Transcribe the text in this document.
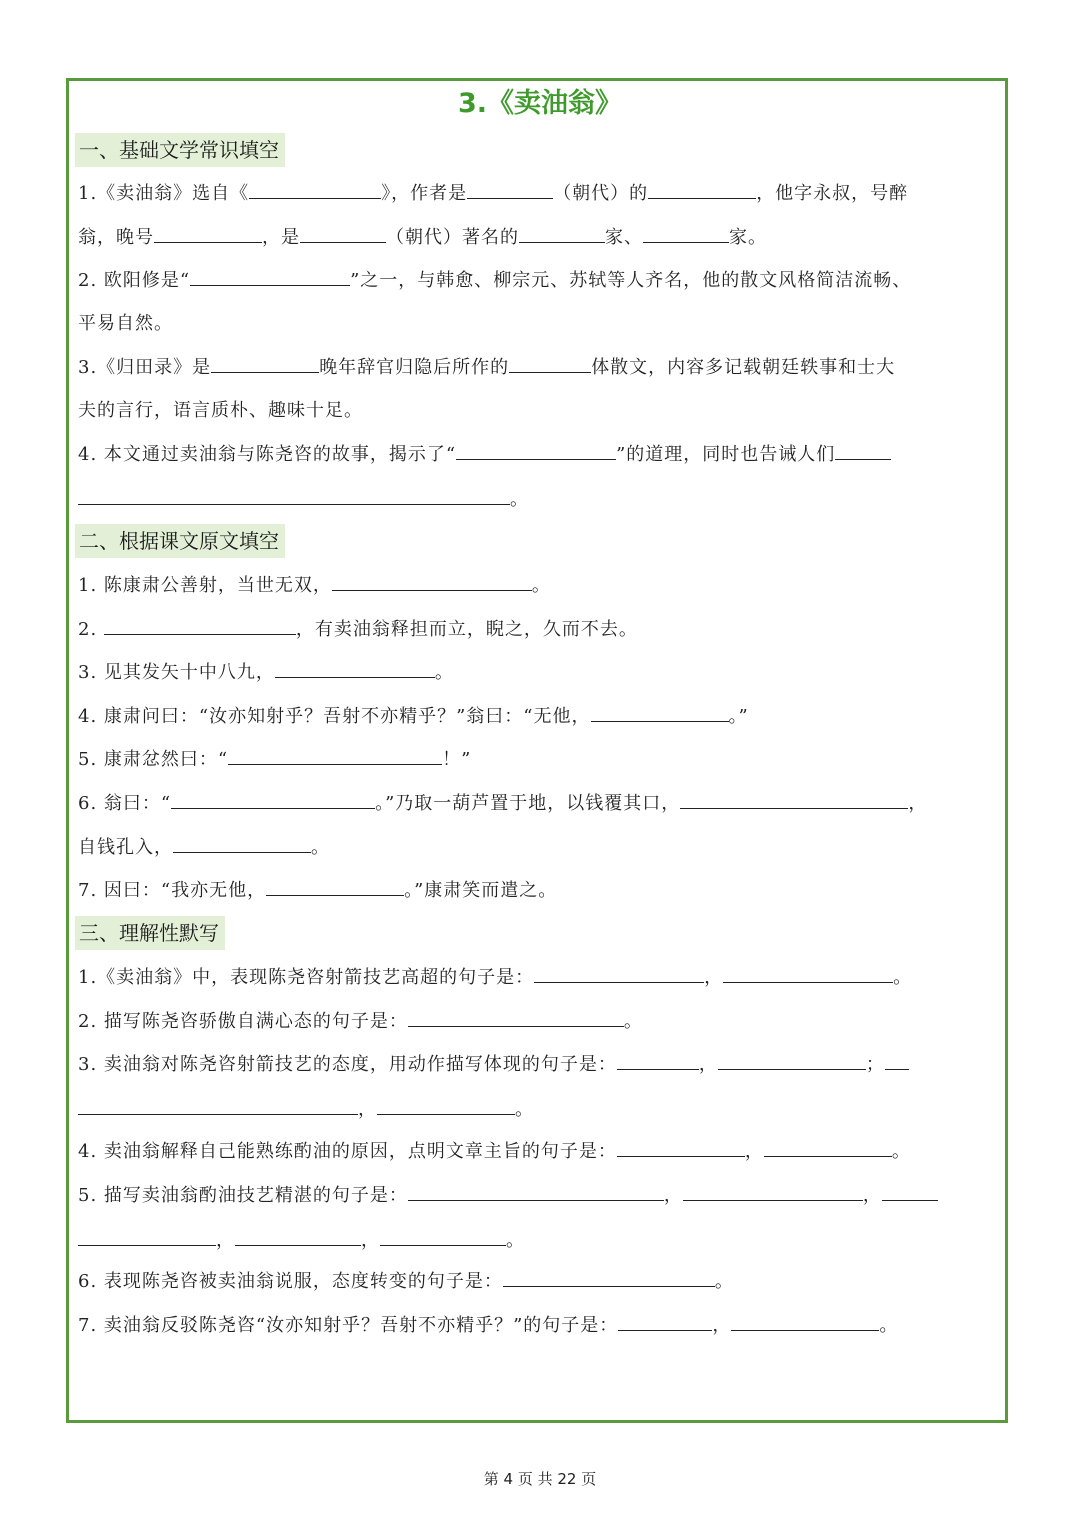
3.《卖油翁》
一、基础文学常识填空
1.《卖油翁》选自《	》，作者是	（朝代）的	，他字永叔，号醉
翁，晚号	，是	（朝代）著名的	家、	家。
2. 欧阳修是“	”之一，与韩愈、柳宗元、苏轼等人齐名，他的散文风格简洁流畅、
平易自然。
3.《归田录》是	晚年辞官归隐后所作的	体散文，内容多记载朝廷轶事和士大
夫的言行，语言质朴、趣味十足。
4. 本文通过卖油翁与陈尧咨的故事，揭示了“	”的道理，同时也告诫人们
。
二、根据课文原文填空
1. 陈康肃公善射，当世无双，	。
2.	，有卖油翁释担而立，睨之，久而不去。
3. 见其发矢十中八九，	。
4. 康肃问曰：“汝亦知射乎？吾射不亦精乎？”翁曰：“无他，	。”
5. 康肃忿然曰：“	！”
6. 翁曰：“	。”乃取一葫芦置于地，以钱覆其口，	，
自钱孔入，	。
7. 因曰：“我亦无他，	。”康肃笑而遣之。
三、理解性默写
1.《卖油翁》中，表现陈尧咨射箭技艺高超的句子是：	，	。
2. 描写陈尧咨骄傲自满心态的句子是：	。
3. 卖油翁对陈尧咨射箭技艺的态度，用动作描写体现的句子是：	，	；
，	。
4. 卖油翁解释自己能熟练酌油的原因，点明文章主旨的句子是：	，	。
5. 描写卖油翁酌油技艺精湛的句子是：	，	，
，	，	。
6. 表现陈尧咨被卖油翁说服，态度转变的句子是：	。
7. 卖油翁反驳陈尧咨“汝亦知射乎？吾射不亦精乎？”的句子是：	，	。
第 4 页 共 22 页
